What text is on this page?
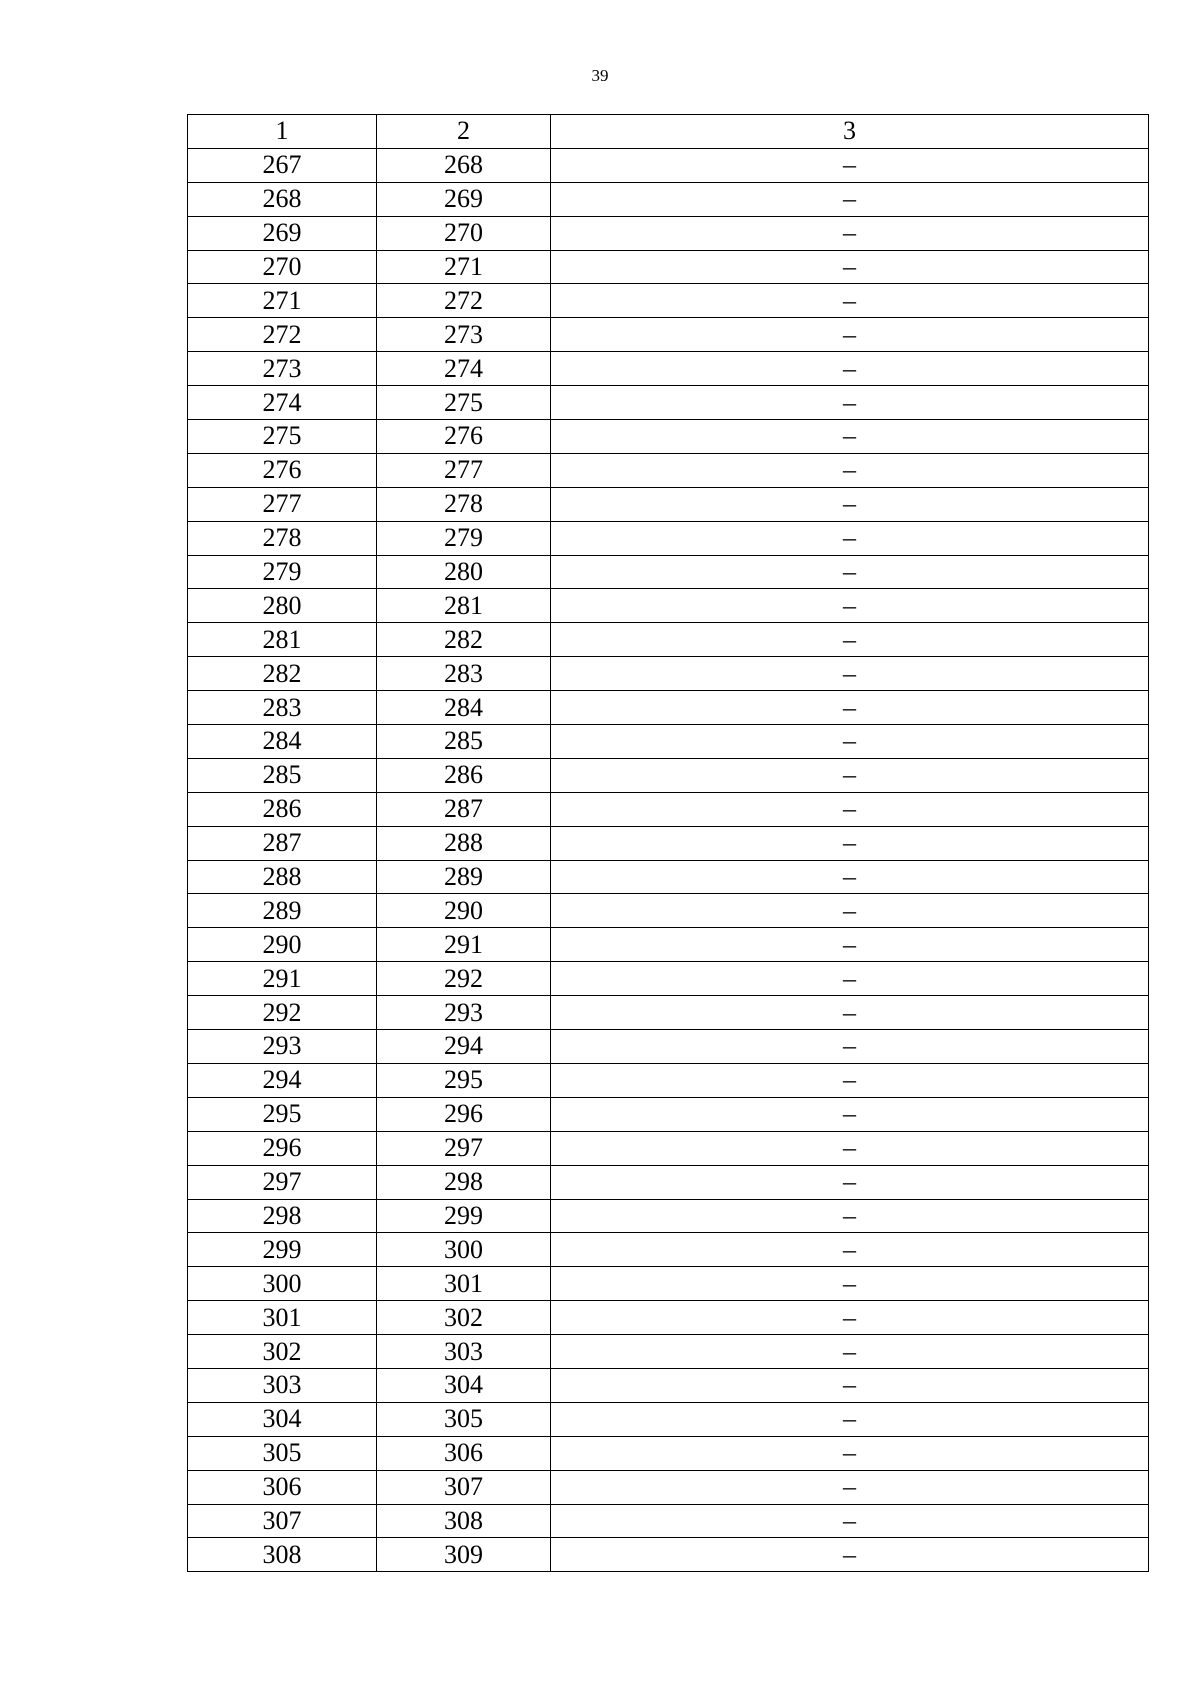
39
1	2	3
267	268	–
268	269	–
269	270	–
270	271	–
271	272	–
272	273	–
273	274	–
274	275	–
275	276	–
276	277	–
277	278	–
278	279	–
279	280	–
280	281	–
281	282	–
282	283	–
283	284	–
284	285	–
285	286	–
286	287	–
287	288	–
288	289	–
289	290	–
290	291	–
291	292	–
292	293	–
293	294	–
294	295	–
295	296	–
296	297	–
297	298	–
298	299	–
299	300	–
300	301	–
301	302	–
302	303	–
303	304	–
304	305	–
305	306	–
306	307	–
307	308	–
308	309	–
